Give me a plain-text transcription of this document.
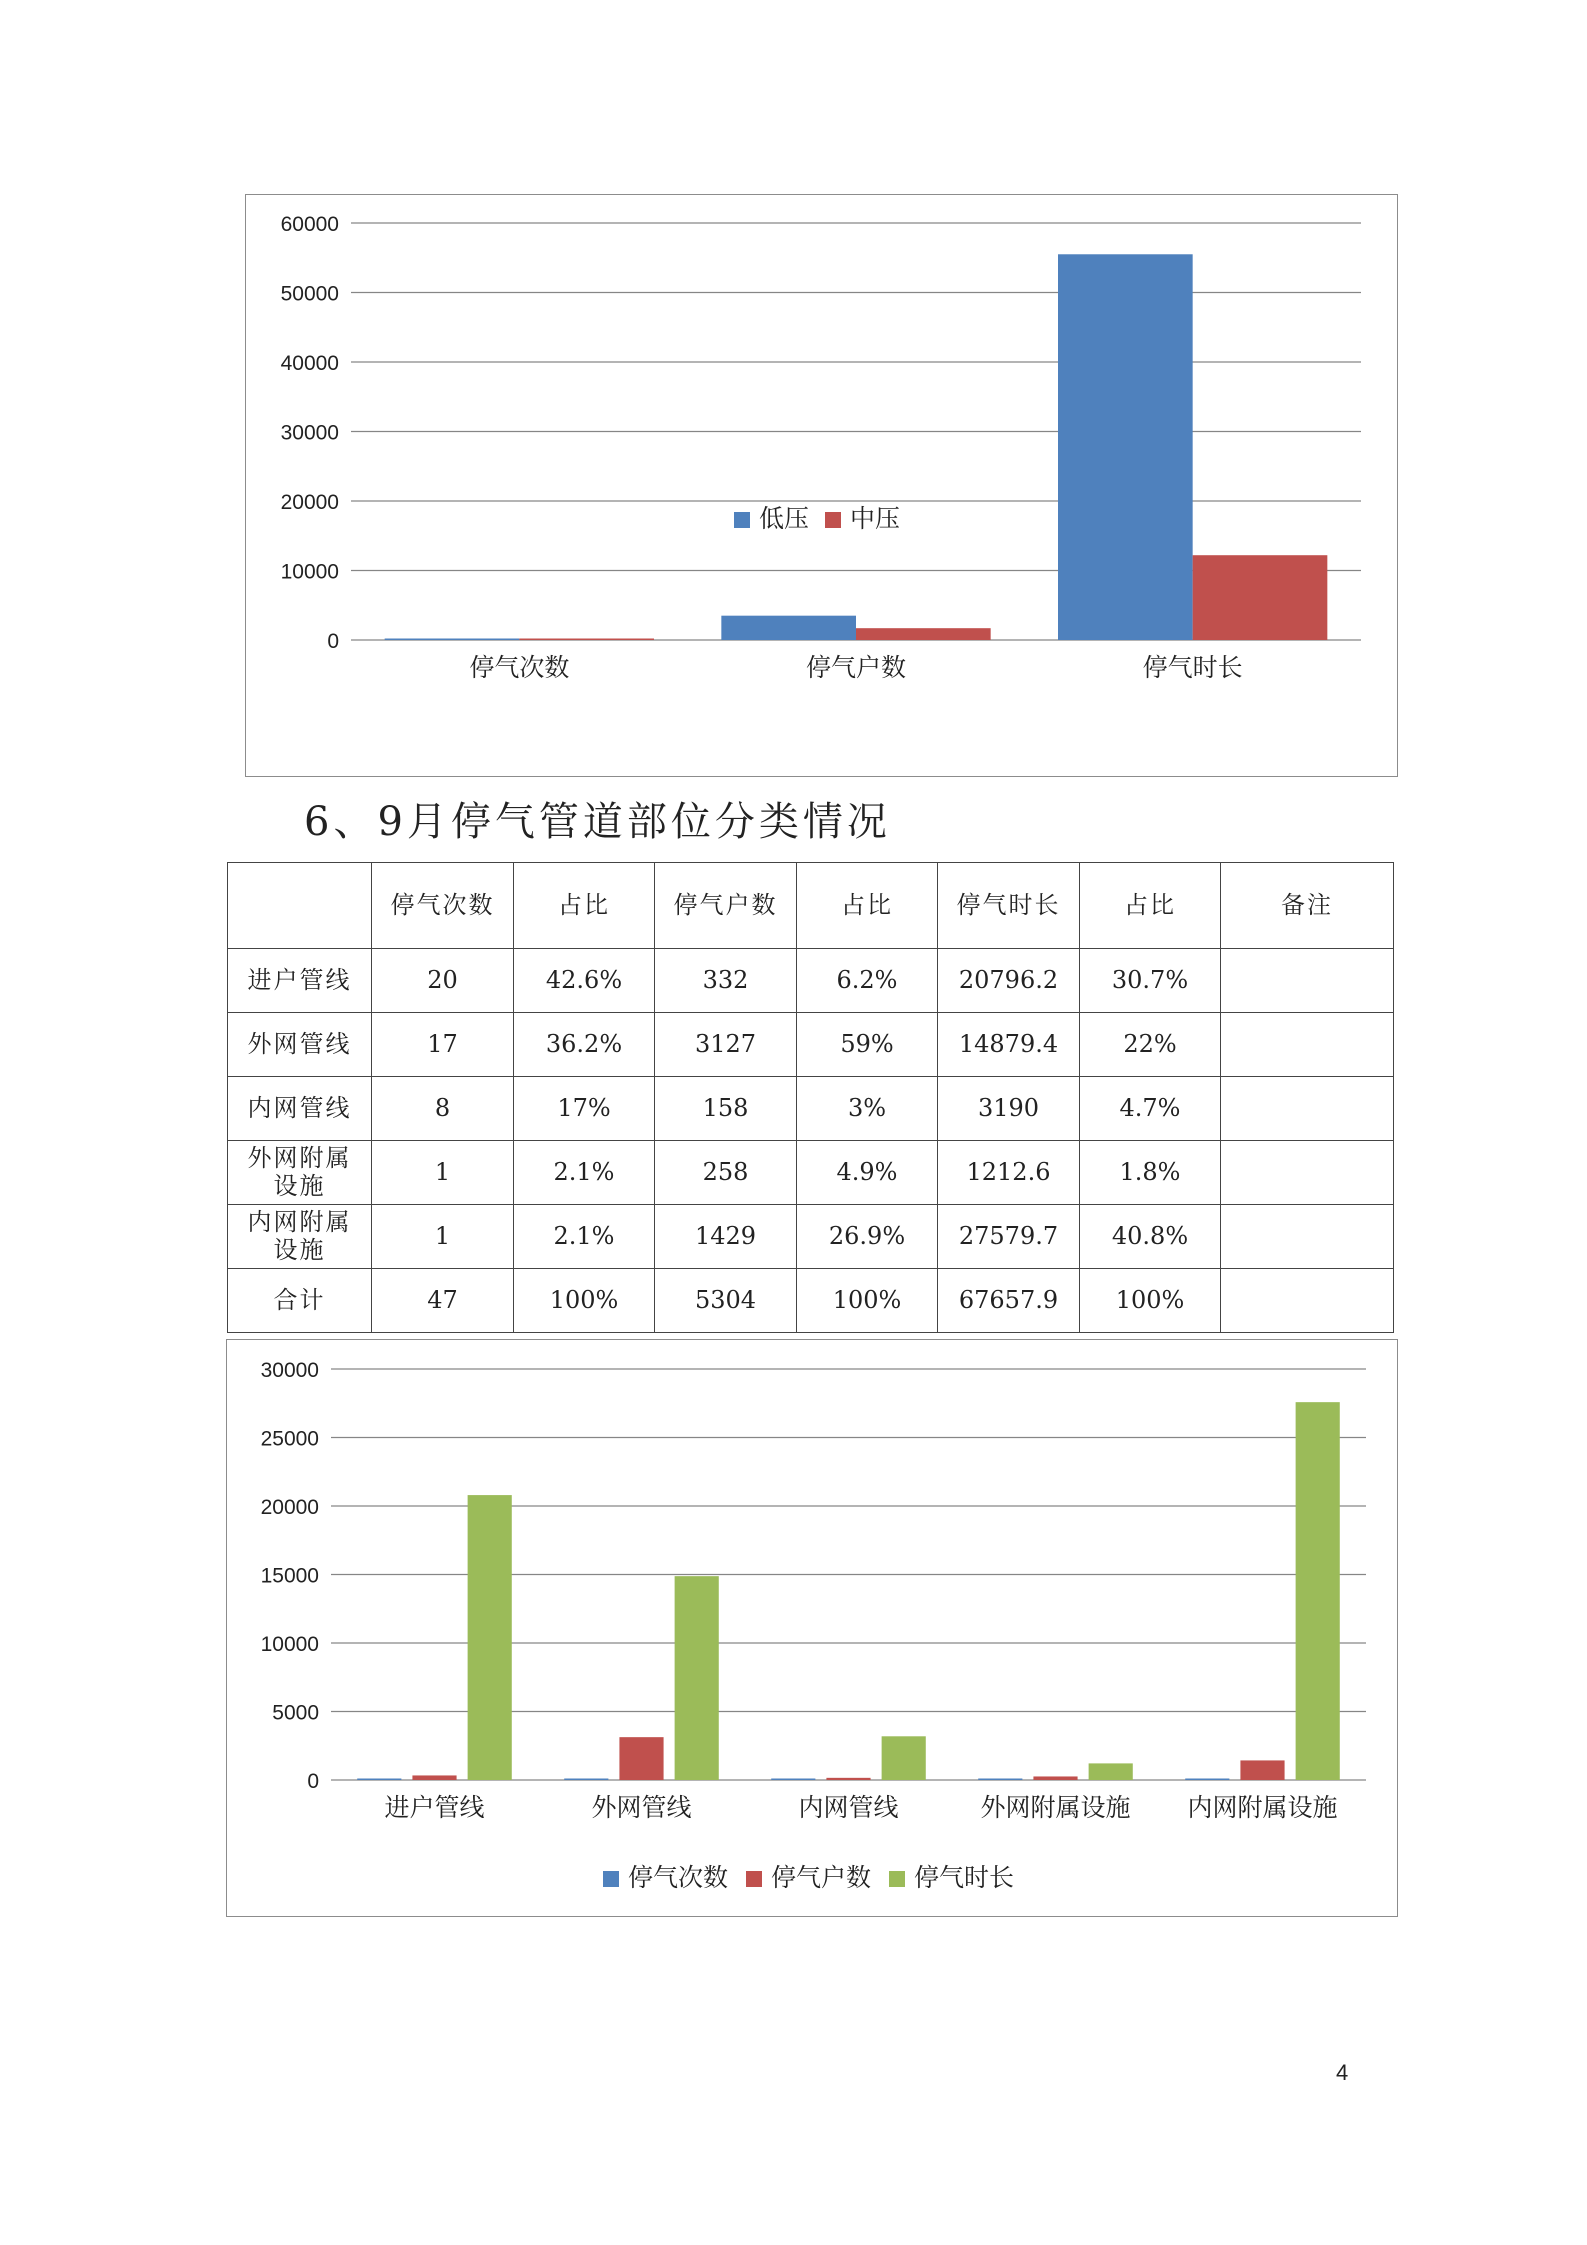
0
10000
20000
30000
40000
50000
60000
停气次数	停气户数	停气时长
低压 中压
6、9月停气管道部位分类情况
	停气次数	占比	停气户数	占比	停气时长	占比	备注
进户管线	20	42.6%	332	6.2%	20796.2	30.7%	
外网管线	17	36.2%	3127	59%	14879.4	22%	
内网管线	8	17%	158	3%	3190	4.7%	
外网附属
设施	1	2.1%	258	4.9%	1212.6	1.8%	
内网附属
设施	1	2.1%	1429	26.9%	27579.7	40.8%	
合计	47	100%	5304	100%	67657.9	100%	
0
5000
10000
15000
20000
25000
30000
进户管线	外网管线	内网管线	外网附属设施 内网附属设施
停气次数 停气户数 停气时长
4
